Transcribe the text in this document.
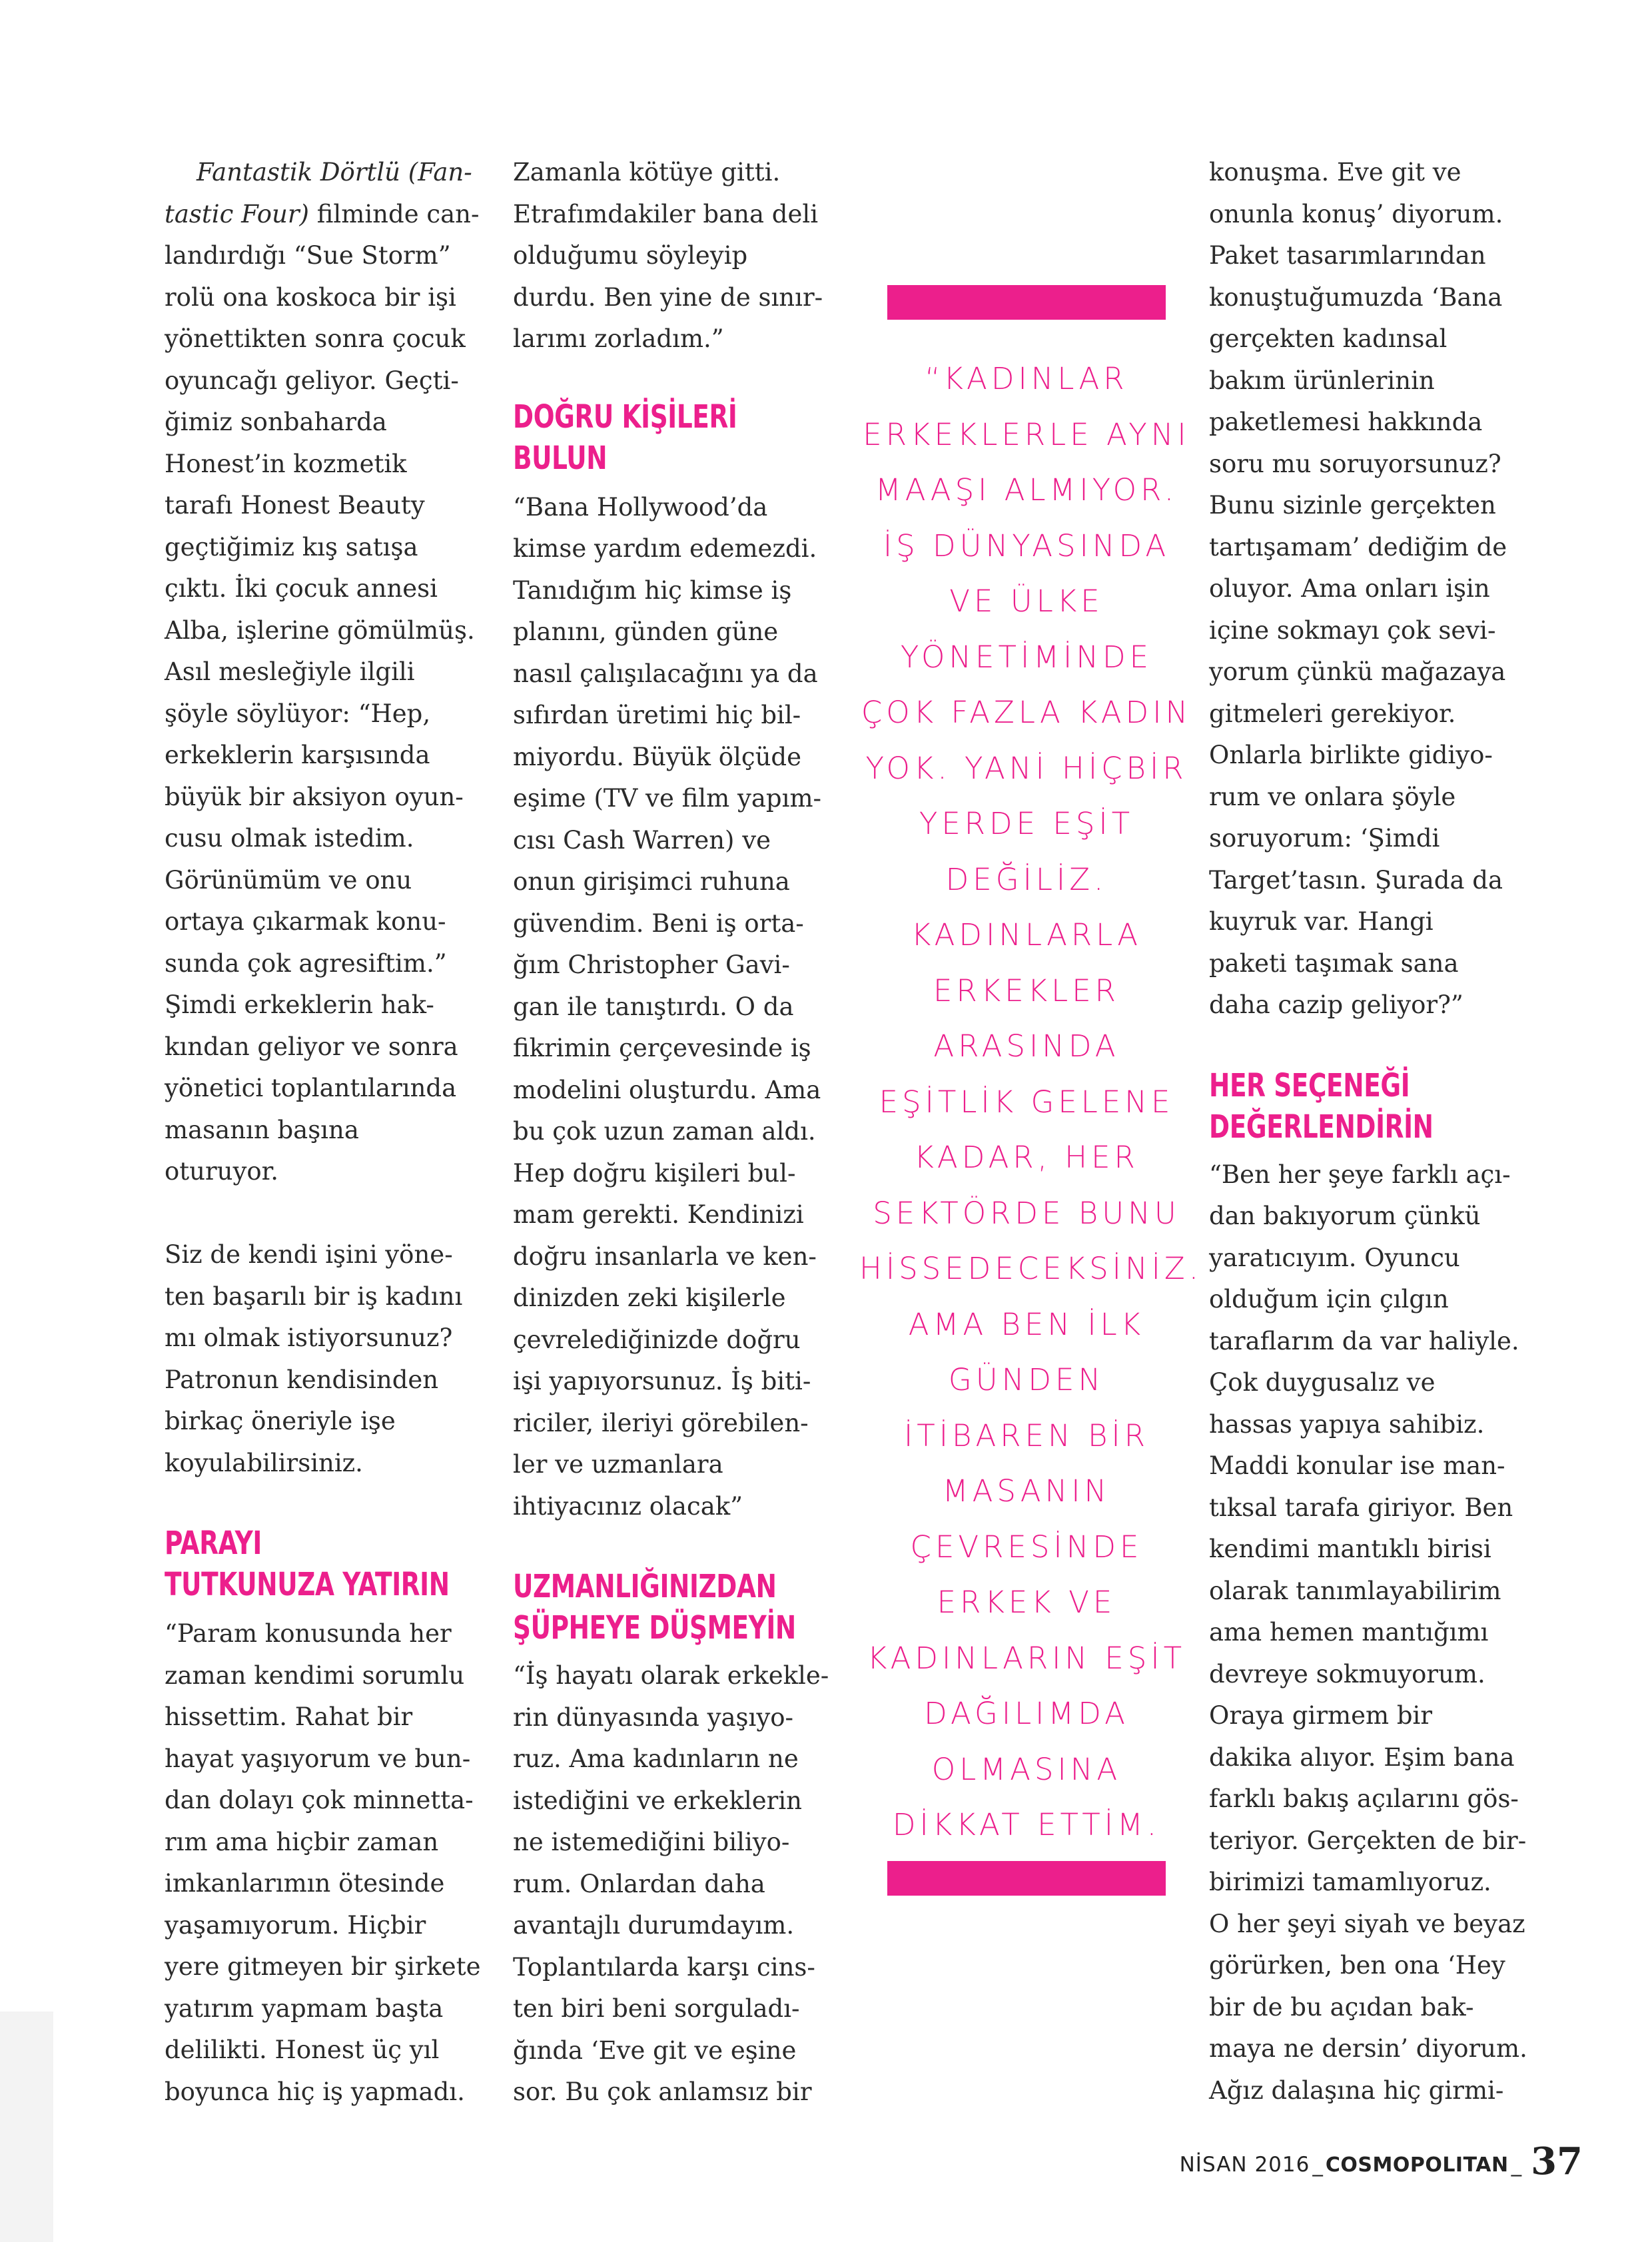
Fantastik Dörtlü (Fan-
tastic Four) filminde can-
landırdığı “Sue Storm”
rolü ona koskoca bir işi
yönettikten sonra çocuk
oyuncağı geliyor. Geçti-
ğimiz sonbaharda
Honest’in kozmetik
tarafı Honest Beauty
geçtiğimiz kış satışa
çıktı. İki çocuk annesi
Alba, işlerine gömülmüş.
Asıl mesleğiyle ilgili
şöyle söylüyor: “Hep,
erkeklerin karşısında
büyük bir aksiyon oyun-
cusu olmak istedim.
Görünümüm ve onu
ortaya çıkarmak konu-
sunda çok agresiftim.”
Şimdi erkeklerin hak-
kından geliyor ve sonra
yönetici toplantılarında
masanın başına
oturuyor.
Siz de kendi işini yöne-
ten başarılı bir iş kadını
mı olmak istiyorsunuz?
Patronun kendisinden
birkaç öneriyle işe
koyulabilirsiniz.
PARAYI
TUTKUNUZA YATIRIN
“Param konusunda her
zaman kendimi sorumlu
hissettim. Rahat bir
hayat yaşıyorum ve bun-
dan dolayı çok minnetta-
rım ama hiçbir zaman
imkanlarımın ötesinde
yaşamıyorum. Hiçbir
yere gitmeyen bir şirkete
yatırım yapmam başta
delilikti. Honest üç yıl
boyunca hiç iş yapmadı.
Zamanla kötüye gitti.
Etrafımdakiler bana deli
olduğumu söyleyip
durdu. Ben yine de sınır-
larımı zorladım.”
DOĞRU KİŞİLERİ
BULUN
“Bana Hollywood’da
kimse yardım edemezdi.
Tanıdığım hiç kimse iş
planını, günden güne
nasıl çalışılacağını ya da
sıfırdan üretimi hiç bil-
miyordu. Büyük ölçüde
eşime (TV ve film yapım-
cısı Cash Warren) ve
onun girişimci ruhuna
güvendim. Beni iş orta-
ğım Christopher Gavi-
gan ile tanıştırdı. O da
fikrimin çerçevesinde iş
modelini oluşturdu. Ama
bu çok uzun zaman aldı.
Hep doğru kişileri bul-
mam gerekti. Kendinizi
doğru insanlarla ve ken-
dinizden zeki kişilerle
çevrelediğinizde doğru
işi yapıyorsunuz. İş biti-
riciler, ileriyi görebilen-
ler ve uzmanlara
ihtiyacınız olacak”
UZMANLIĞINIZDAN
ŞÜPHEYE DÜŞMEYİN
“İş hayatı olarak erkekle-
rin dünyasında yaşıyo-
ruz. Ama kadınların ne
istediğini ve erkeklerin
ne istemediğini biliyo-
rum. Onlardan daha
avantajlı durumdayım.
Toplantılarda karşı cins-
ten biri beni sorguladı-
ğında ‘Eve git ve eşine
sor. Bu çok anlamsız bir
“KADINLAR
ERKEKLERLE AYNI
MAAŞI ALMIYOR.
İŞ DÜNYASINDA
VE ÜLKE
YÖNETİMİNDE
ÇOK FAZLA KADIN
YOK. YANİ HİÇBİR
YERDE EŞİT
DEĞİLİZ.
KADINLARLA
ERKEKLER
ARASINDA
EŞİTLİK GELENE
KADAR, HER
SEKTÖRDE BUNU
HİSSEDECEKSİNİZ.
AMA BEN İLK
GÜNDEN
İTİBAREN BİR
MASANIN
ÇEVRESİNDE
ERKEK VE
KADINLARIN EŞİT
DAĞILIMDA
OLMASINA
DİKKAT ETTİM.
konuşma. Eve git ve
onunla konuş’ diyorum.
Paket tasarımlarından
konuştuğumuzda ‘Bana
gerçekten kadınsal
bakım ürünlerinin
paketlemesi hakkında
soru mu soruyorsunuz?
Bunu sizinle gerçekten
tartışamam’ dediğim de
oluyor. Ama onları işin
içine sokmayı çok sevi-
yorum çünkü mağazaya
gitmeleri gerekiyor.
Onlarla birlikte gidiyo-
rum ve onlara şöyle
soruyorum: ‘Şimdi
Target’tasın. Şurada da
kuyruk var. Hangi
paketi taşımak sana
daha cazip geliyor?”
HER SEÇENEĞİ
DEĞERLENDİRİN
“Ben her şeye farklı açı-
dan bakıyorum çünkü
yaratıcıyım. Oyuncu
olduğum için çılgın
taraflarım da var haliyle.
Çok duygusalız ve
hassas yapıya sahibiz.
Maddi konular ise man-
tıksal tarafa giriyor. Ben
kendimi mantıklı birisi
olarak tanımlayabilirim
ama hemen mantığımı
devreye sokmuyorum.
Oraya girmem bir
dakika alıyor. Eşim bana
farklı bakış açılarını gös-
teriyor. Gerçekten de bir-
birimizi tamamlıyoruz.
O her şeyi siyah ve beyaz
görürken, ben ona ‘Hey
bir de bu açıdan bak-
maya ne dersin’ diyorum.
Ağız dalaşına hiç girmi-
NİSAN 2016 _ COSMOPOLITAN _ 37
